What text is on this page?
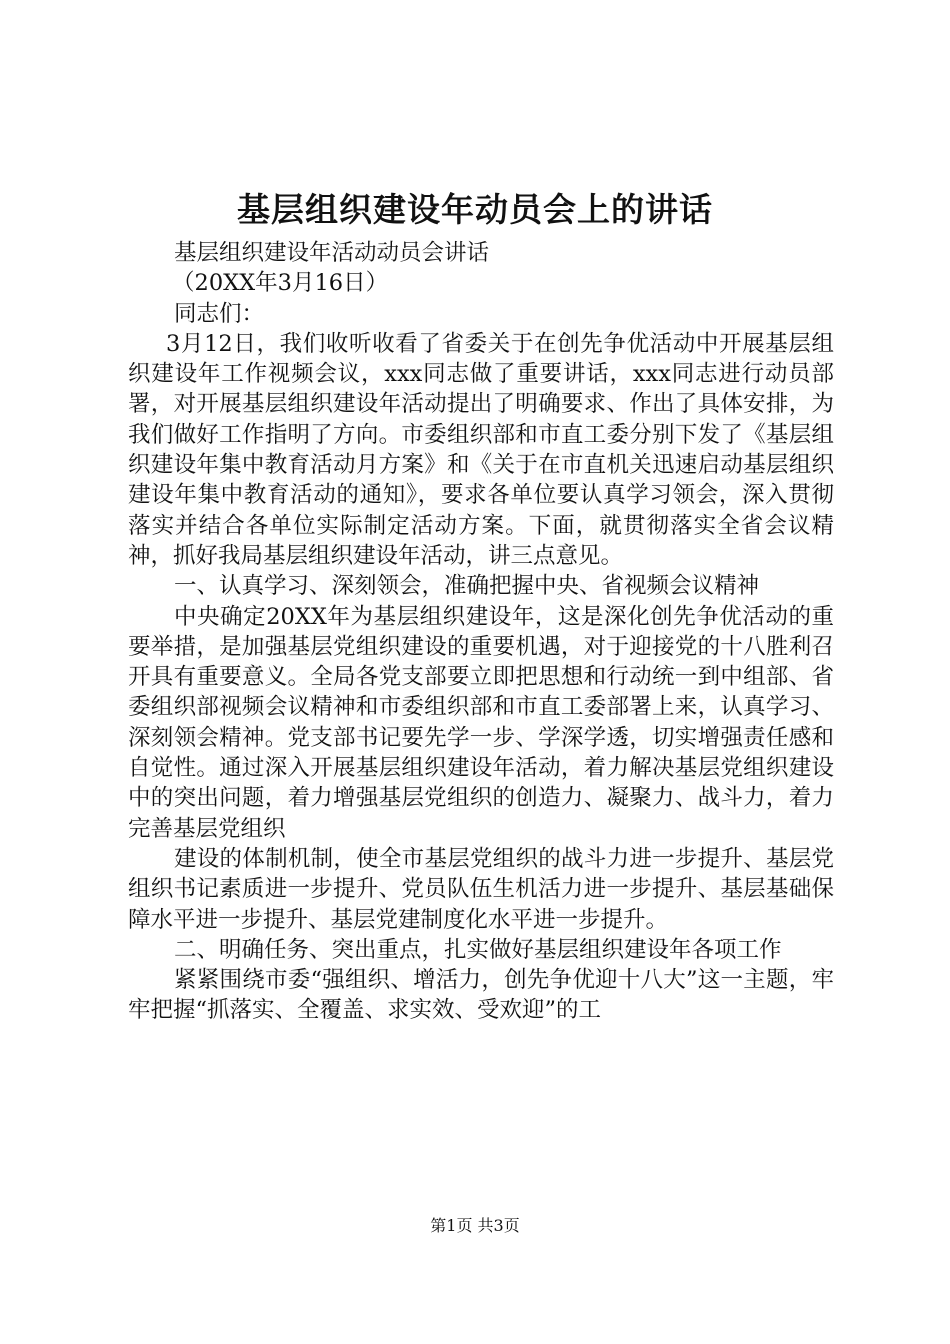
基层组织建设年动员会上的讲话

基层组织建设年活动动员会讲话

（20XX年3月16日）

同志们：

3月12日，我们收听收看了省委关于在创先争优活动中开展基层组织建设年工作视频会议，xxx同志做了重要讲话，xxx同志进行动员部署，对开展基层组织建设年活动提出了明确要求、作出了具体安排，为我们做好工作指明了方向。市委组织部和市直工委分别下发了《基层组织建设年集中教育活动月方案》和《关于在市直机关迅速启动基层组织建设年集中教育活动的通知》，要求各单位要认真学习领会，深入贯彻落实并结合各单位实际制定活动方案。下面，就贯彻落实全省会议精神，抓好我局基层组织建设年活动，讲三点意见。

一、认真学习、深刻领会，准确把握中央、省视频会议精神

中央确定20XX年为基层组织建设年，这是深化创先争优活动的重要举措，是加强基层党组织建设的重要机遇，对于迎接党的十八胜利召开具有重要意义。全局各党支部要立即把思想和行动统一到中组部、省委组织部视频会议精神和市委组织部和市直工委部署上来，认真学习、深刻领会精神。党支部书记要先学一步、学深学透，切实增强责任感和自觉性。通过深入开展基层组织建设年活动，着力解决基层党组织建设中的突出问题，着力增强基层党组织的创造力、凝聚力、战斗力，着力完善基层党组织

建设的体制机制，使全市基层党组织的战斗力进一步提升、基层党组织书记素质进一步提升、党员队伍生机活力进一步提升、基层基础保障水平进一步提升、基层党建制度化水平进一步提升。

二、明确任务、突出重点，扎实做好基层组织建设年各项工作

紧紧围绕市委“强组织、增活力，创先争优迎十八大”这一主题，牢牢把握“抓落实、全覆盖、求实效、受欢迎”的工

第1页 共3页
